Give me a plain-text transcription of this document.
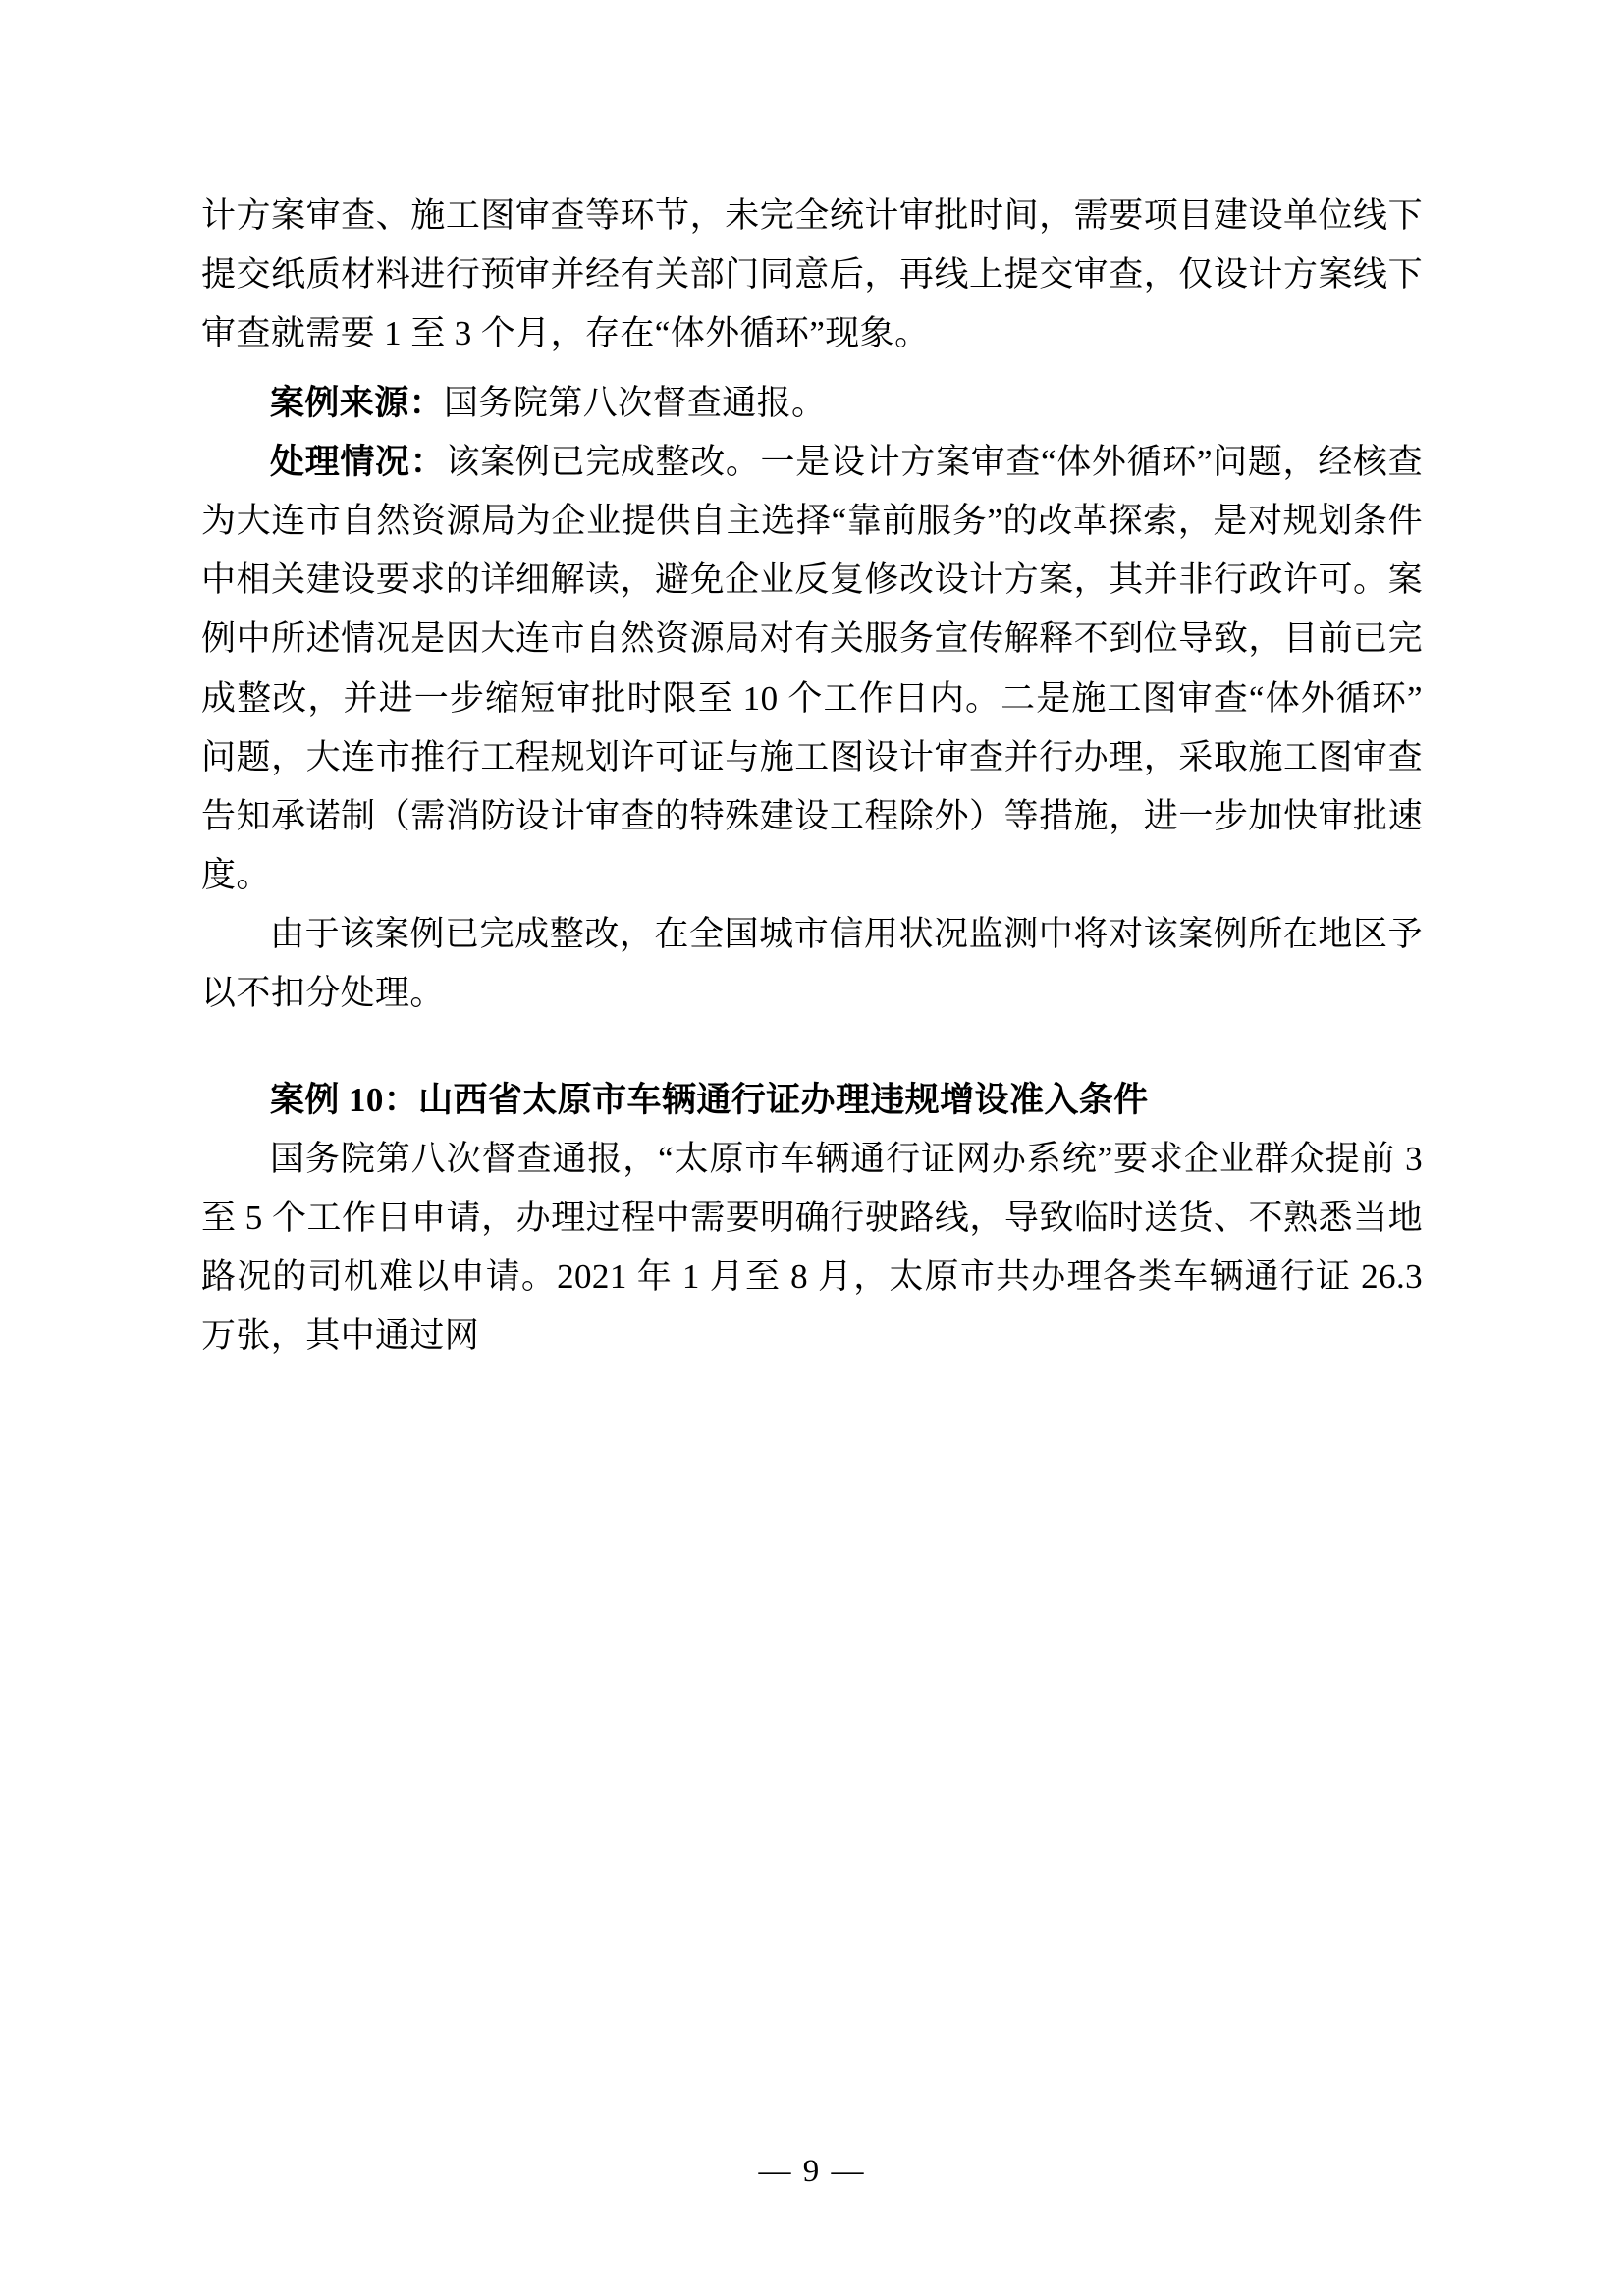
计方案审查、施工图审查等环节，未完全统计审批时间，需要项目建设单位线下提交纸质材料进行预审并经有关部门同意后，再线上提交审查，仅设计方案线下审查就需要 1 至 3 个月，存在“体外循环”现象。

案例来源：国务院第八次督查通报。

处理情况：该案例已完成整改。一是设计方案审查“体外循环”问题，经核查为大连市自然资源局为企业提供自主选择“靠前服务”的改革探索，是对规划条件中相关建设要求的详细解读，避免企业反复修改设计方案，其并非行政许可。案例中所述情况是因大连市自然资源局对有关服务宣传解释不到位导致，目前已完成整改，并进一步缩短审批时限至 10 个工作日内。二是施工图审查“体外循环”问题，大连市推行工程规划许可证与施工图设计审查并行办理，采取施工图审查告知承诺制（需消防设计审查的特殊建设工程除外）等措施，进一步加快审批速度。

由于该案例已完成整改，在全国城市信用状况监测中将对该案例所在地区予以不扣分处理。

案例 10：山西省太原市车辆通行证办理违规增设准入条件

国务院第八次督查通报，“太原市车辆通行证网办系统”要求企业群众提前 3 至 5 个工作日申请，办理过程中需要明确行驶路线，导致临时送货、不熟悉当地路况的司机难以申请。2021 年 1 月至 8 月，太原市共办理各类车辆通行证 26.3 万张，其中通过网

— 9 —
